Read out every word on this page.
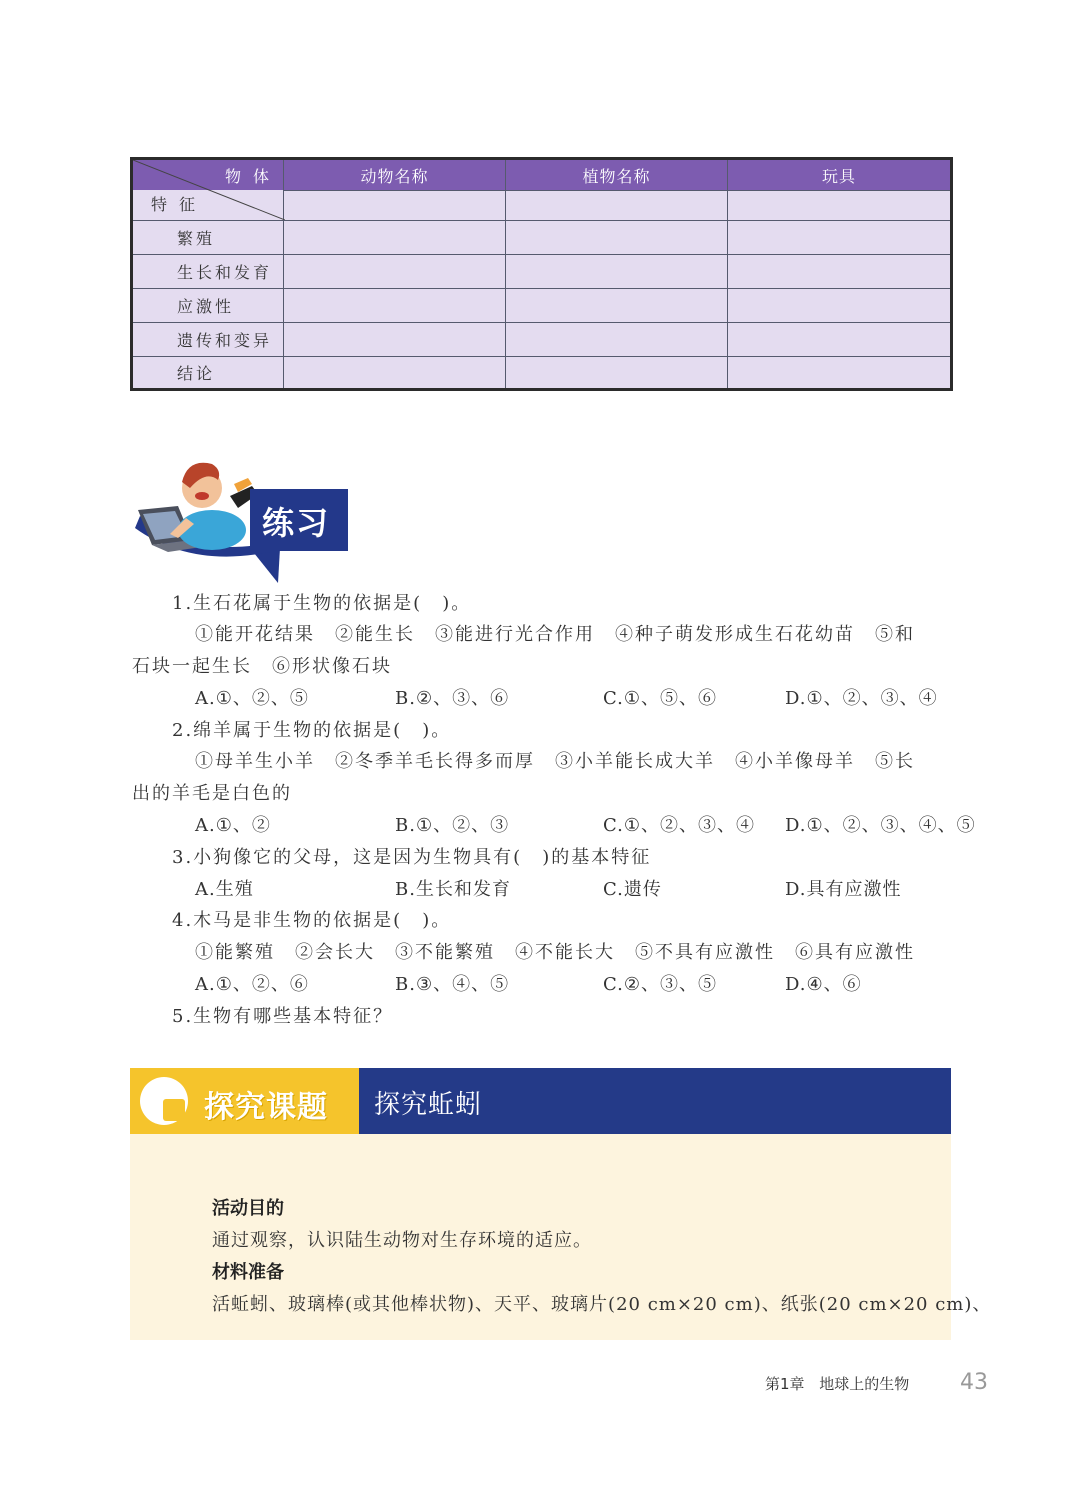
物体
特征	动物名称	植物名称	玩具

繁殖			
生长和发育			
应激性			
遗传和变异			
结论			
练习
1.生石花属于生物的依据是(　)。
①能开花结果　②能生长　③能进行光合作用　④种子萌发形成生石花幼苗　⑤和
石块一起生长　⑥形状像石块
A.①、②、⑤	B.②、③、⑥	C.①、⑤、⑥	D.①、②、③、④
2.绵羊属于生物的依据是(　)。
①母羊生小羊　②冬季羊毛长得多而厚　③小羊能长成大羊　④小羊像母羊　⑤长
出的羊毛是白色的
A.①、②	B.①、②、③	C.①、②、③、④ D.①、②、③、④、⑤
3.小狗像它的父母，这是因为生物具有(　)的基本特征
A.生殖	B.生长和发育	C.遗传	D.具有应激性
4.木马是非生物的依据是(　)。
①能繁殖　②会长大　③不能繁殖　④不能长大　⑤不具有应激性　⑥具有应激性
A.①、②、⑥	B.③、④、⑤	C.②、③、⑤	D.④、⑥
5.生物有哪些基本特征？
探究课题 探究蚯蚓
活动目的
通过观察，认识陆生动物对生存环境的适应。
材料准备
活蚯蚓、玻璃棒(或其他棒状物)、天平、玻璃片(20 cm×20 cm)、纸张(20 cm×20 cm)、
第1章 地球上的生物 43
